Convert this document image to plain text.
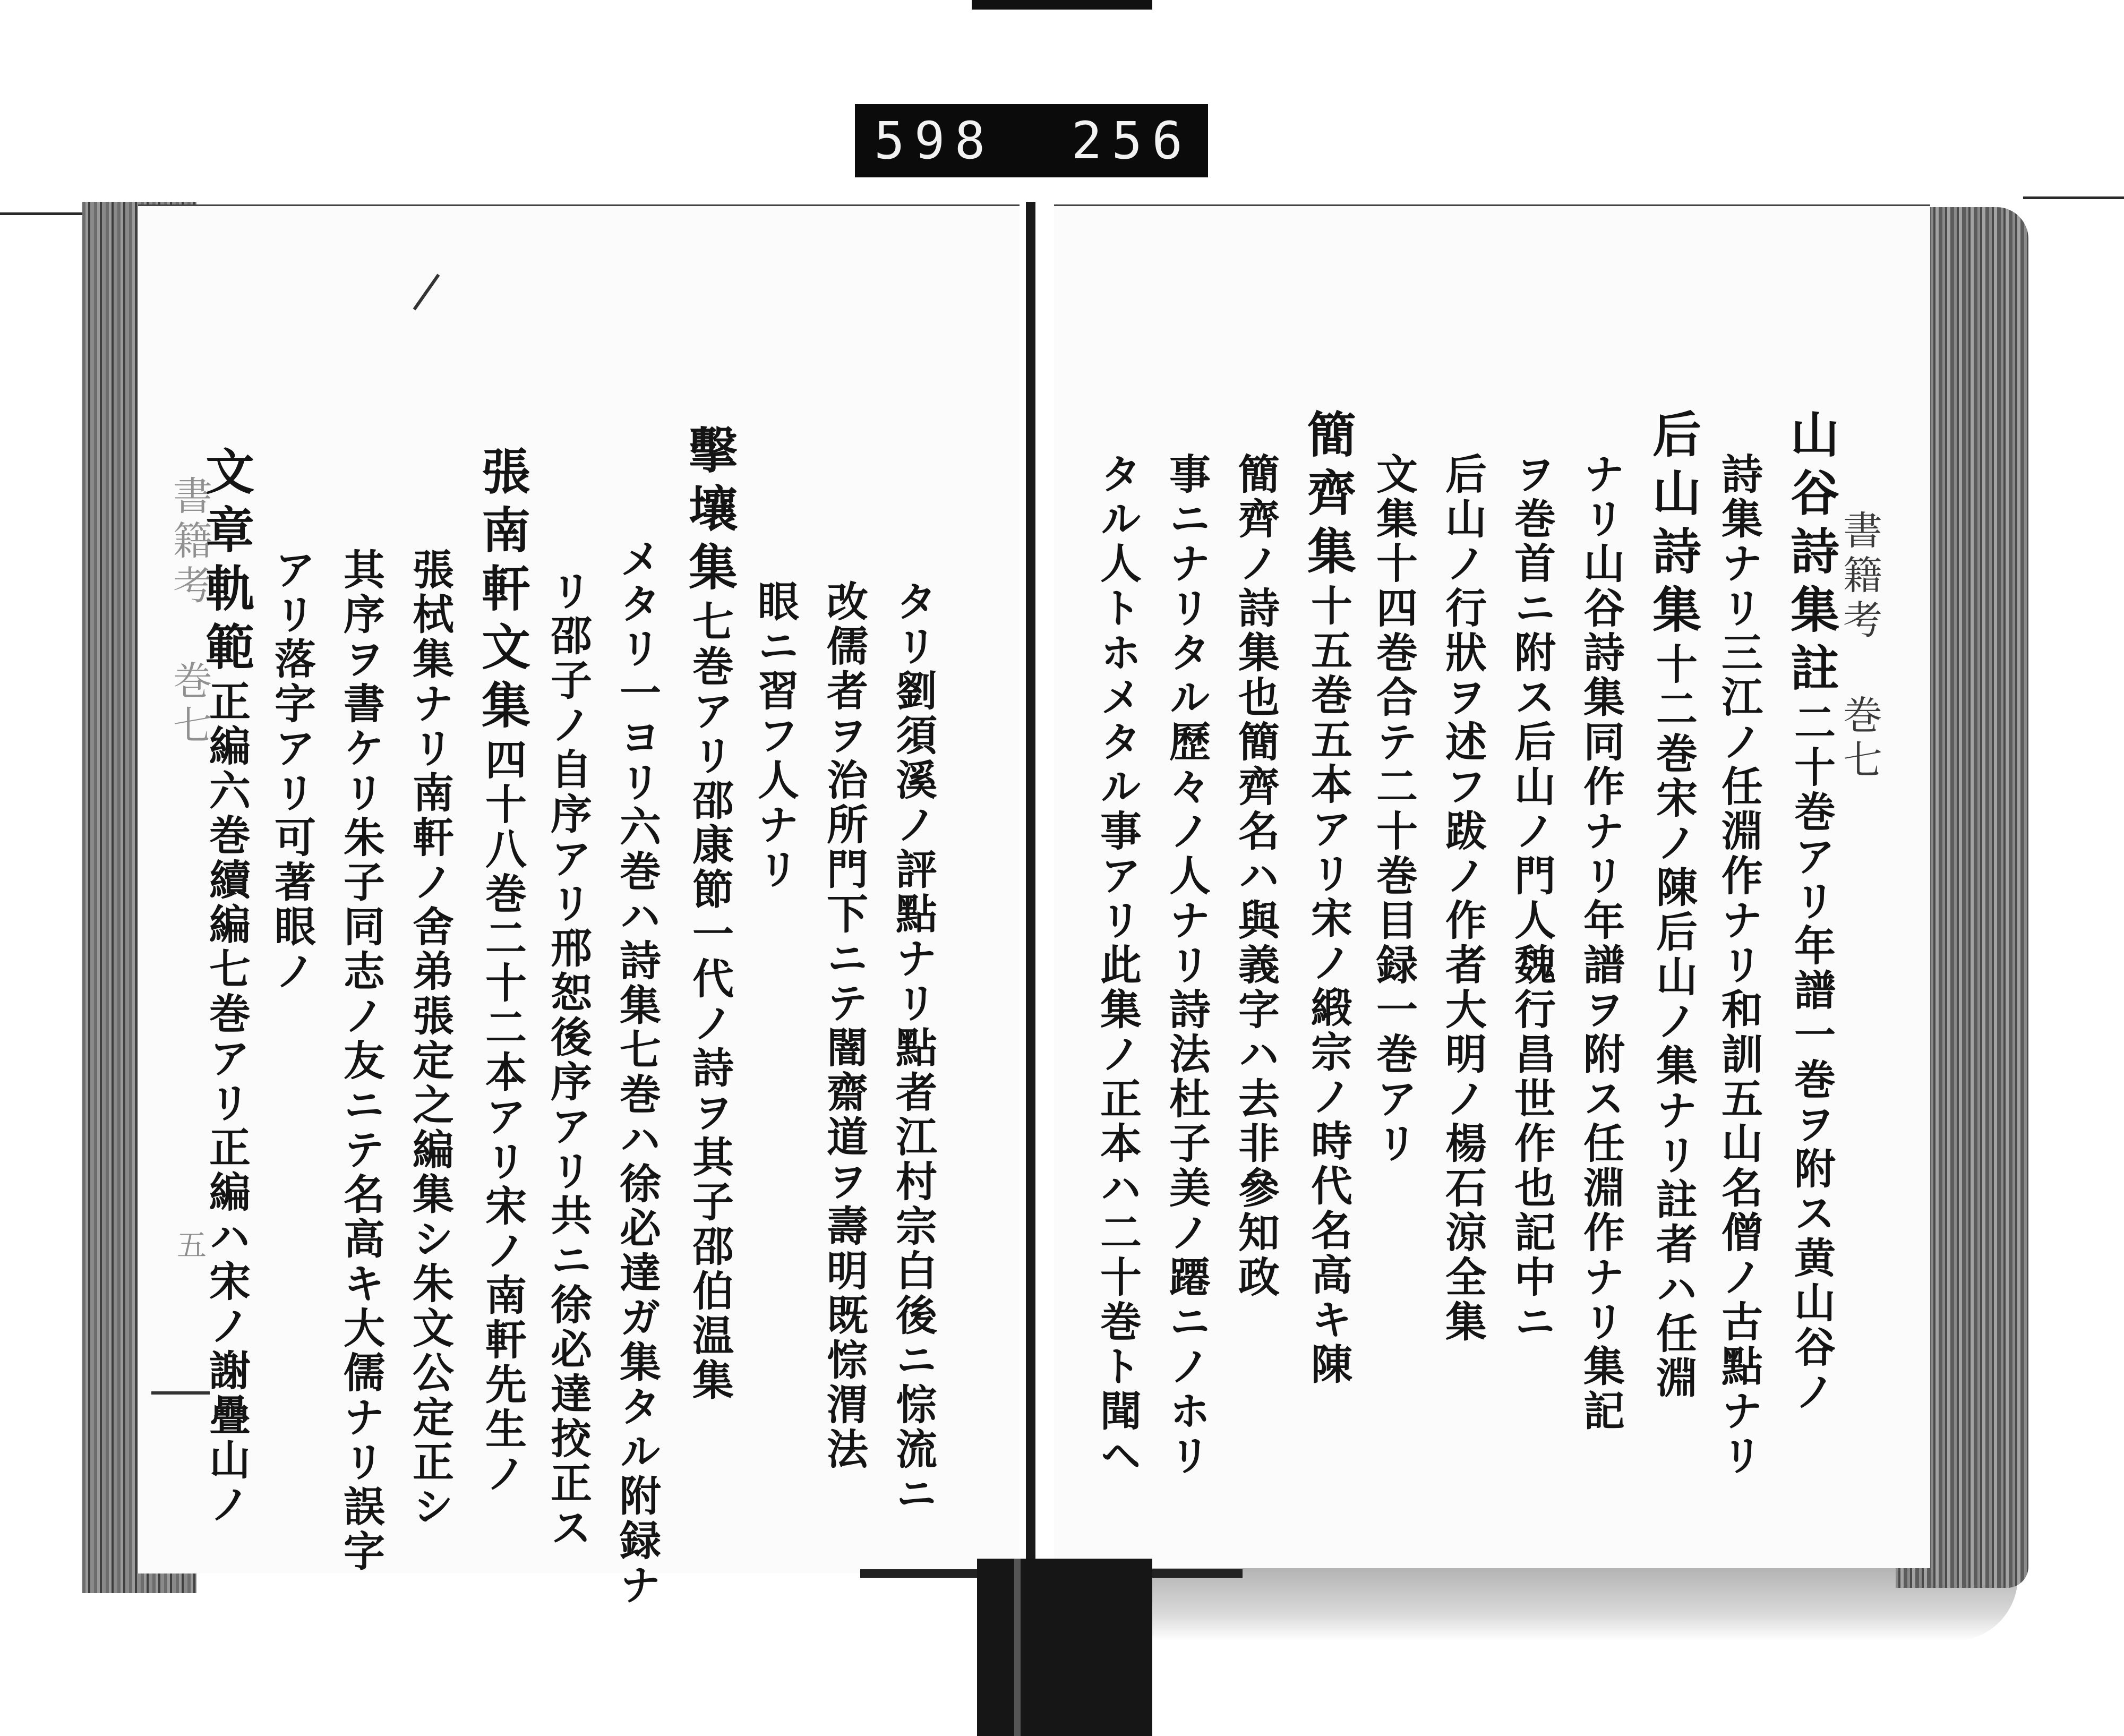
598 256
書籍考 巻七
五
書籍考 巻七
山谷詩集註二十巻アリ年譜一巻ヲ附ス黄山谷ノ
詩集ナリ三江ノ任淵作ナリ和訓五山名僧ノ古點ナリ
后山詩集十二巻宋ノ陳后山ノ集ナリ註者ハ任淵
ナリ山谷詩集同作ナリ年譜ヲ附ス任淵作ナリ集記
ヲ巻首ニ附ス后山ノ門人魏行昌世作也記中ニ
后山ノ行狀ヲ述フ跋ノ作者大明ノ楊石涼全集
文集十四巻合テ二十巻目録一巻アリ
簡齊集十五巻五本アリ宋ノ緞宗ノ時代名高キ陳
簡齊ノ詩集也簡齊名ハ與義字ハ去非參知政
事ニナリタル歷々ノ人ナリ詩法杜子美ノ蹮ニノホリ
タル人トホメタル事アリ此集ノ正本ハ二十巻ト聞ヘ
タリ劉須溪ノ評點ナリ點者江村宗白後ニ悰流ニ
改儒者ヲ治所門下ニテ闇齋道ヲ壽明既悰渭法
眼ニ習フ人ナリ
擊壤集七巻アリ邵康節一代ノ詩ヲ其子邵伯温集
メタリ一ヨリ六巻ハ詩集七巻ハ徐必達ガ集タル附録ナ
リ邵子ノ自序アリ邢恕後序アリ共ニ徐必達挍正ス
張南軒文集四十八巻二十二本アリ宋ノ南軒先生ノ
張栻集ナリ南軒ノ舍弟張定之編集シ朱文公定正シ
其序ヲ書ケリ朱子同志ノ友ニテ名高キ大儒ナリ誤字
アリ落字アリ可著眼ノ
文章軌範正編六巻續編七巻アリ正編ハ宋ノ謝疊山ノ
